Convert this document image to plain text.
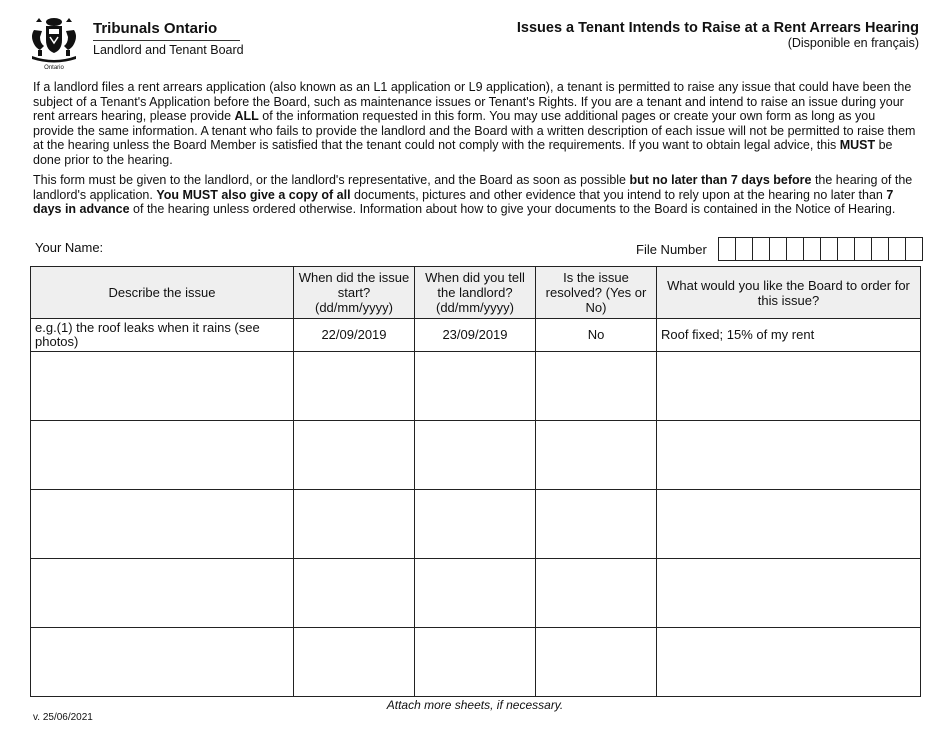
Ontario
Tribunals Ontario
Landlord and Tenant Board
Issues a Tenant Intends to Raise at a Rent Arrears Hearing
(Disponible en français)

If a landlord files a rent arrears application (also known as an L1 application or L9 application), a tenant is permitted to raise any issue that could have been the subject of a Tenant's Application before the Board, such as maintenance issues or Tenant's Rights. If you are a tenant and intend to raise an issue during your rent arrears hearing, please provide ALL of the information requested in this form. You may use additional pages or create your own form as long as you provide the same information. A tenant who fails to provide the landlord and the Board with a written description of each issue will not be permitted to raise them at the hearing unless the Board Member is satisfied that the tenant could not comply with the requirements. If you want to obtain legal advice, this MUST be done prior to the hearing.

This form must be given to the landlord, or the landlord's representative, and the Board as soon as possible but no later than 7 days before the hearing of the landlord's application. You MUST also give a copy of all documents, pictures and other evidence that you intend to rely upon at the hearing no later than 7 days in advance of the hearing unless ordered otherwise. Information about how to give your documents to the Board is contained in the Notice of Hearing.

Your Name:	File Number
Describe the issue	When did the issue start? (dd/mm/yyyy)	When did you tell the landlord? (dd/mm/yyyy)	Is the issue resolved? (Yes or No)	What would you like the Board to order for this issue?
e.g.(1) the roof leaks when it rains (see photos)	22/09/2019	23/09/2019	No	Roof fixed; 15% of my rent

Attach more sheets, if necessary.
v. 25/06/2021
